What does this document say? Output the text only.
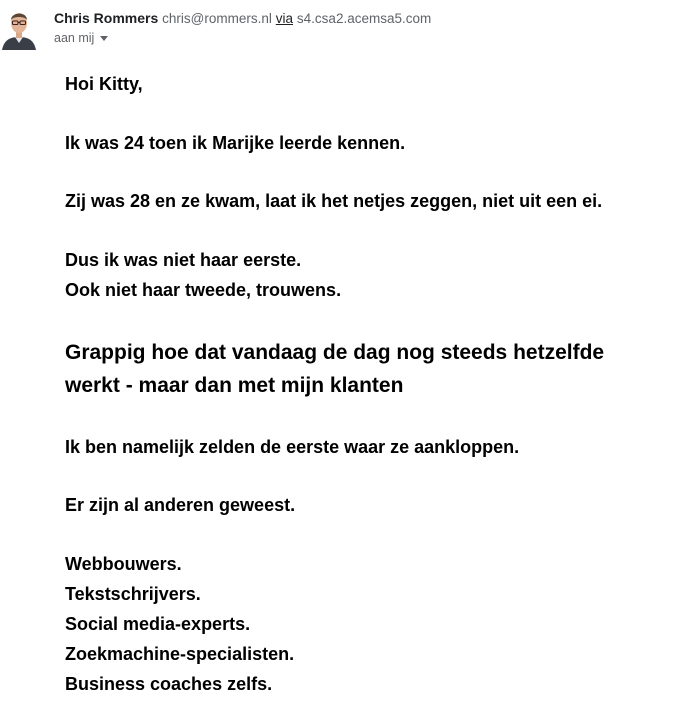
Chris Rommers chris@rommers.nl via s4.csa2.acemsa5.com
aan mij
Hoi Kitty,
Ik was 24 toen ik Marijke leerde kennen.
Zij was 28 en ze kwam, laat ik het netjes zeggen, niet uit een ei.
Dus ik was niet haar eerste.
Ook niet haar tweede, trouwens.
Grappig hoe dat vandaag de dag nog steeds hetzelfde
werkt - maar dan met mijn klanten
Ik ben namelijk zelden de eerste waar ze aankloppen.
Er zijn al anderen geweest.
Webbouwers.
Tekstschrijvers.
Social media-experts.
Zoekmachine-specialisten.
Business coaches zelfs.
